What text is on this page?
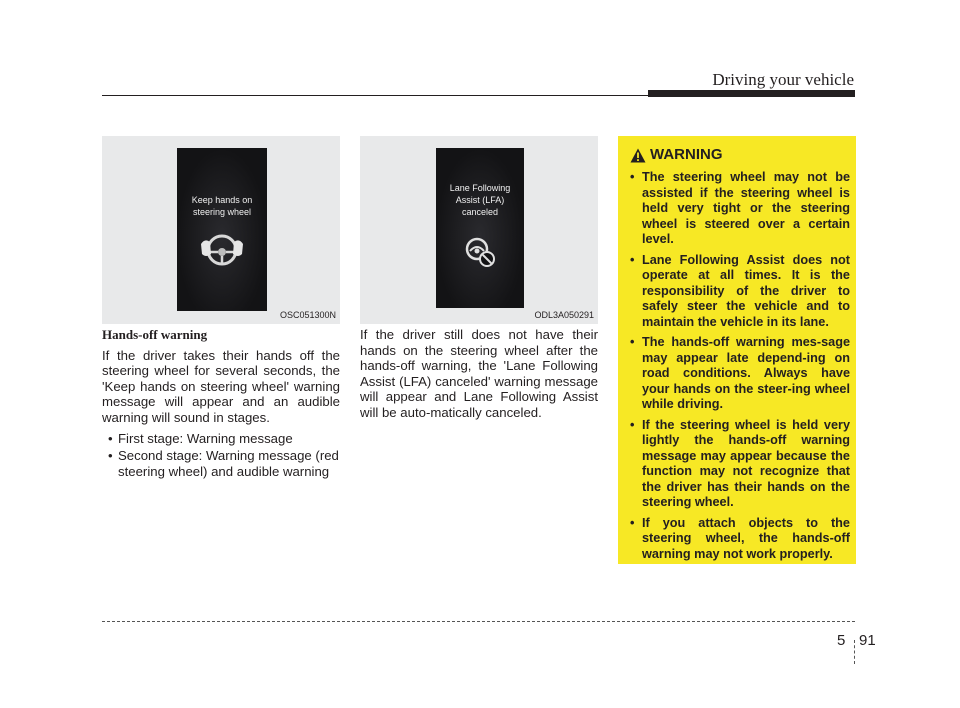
Driving your vehicle
Keep hands on
steering wheel
OSC051300N
Lane Following
Assist (LFA)
canceled
ODL3A050291
Hands-off warning

If the driver takes their hands off the steering wheel for several seconds, the 'Keep hands on steering wheel' warning message will appear and an audible warning will sound in stages.

• First stage: Warning message
• Second stage: Warning message (red steering wheel) and audible warning

If the driver still does not have their hands on the steering wheel after the hands-off warning, the 'Lane Following Assist (LFA) canceled' warning message will appear and Lane Following Assist will be auto-matically canceled.

WARNING
• The steering wheel may not be assisted if the steering wheel is held very tight or the steering wheel is steered over a certain level.
• Lane Following Assist does not operate at all times. It is the responsibility of the driver to safely steer the vehicle and to maintain the vehicle in its lane.
• The hands-off warning mes-sage may appear late depend-ing on road conditions. Always have your hands on the steer-ing wheel while driving.
• If the steering wheel is held very lightly the hands-off warning message may appear because the function may not recognize that the driver has their hands on the steering wheel.
• If you attach objects to the steering wheel, the hands-off warning may not work properly.
5 91
